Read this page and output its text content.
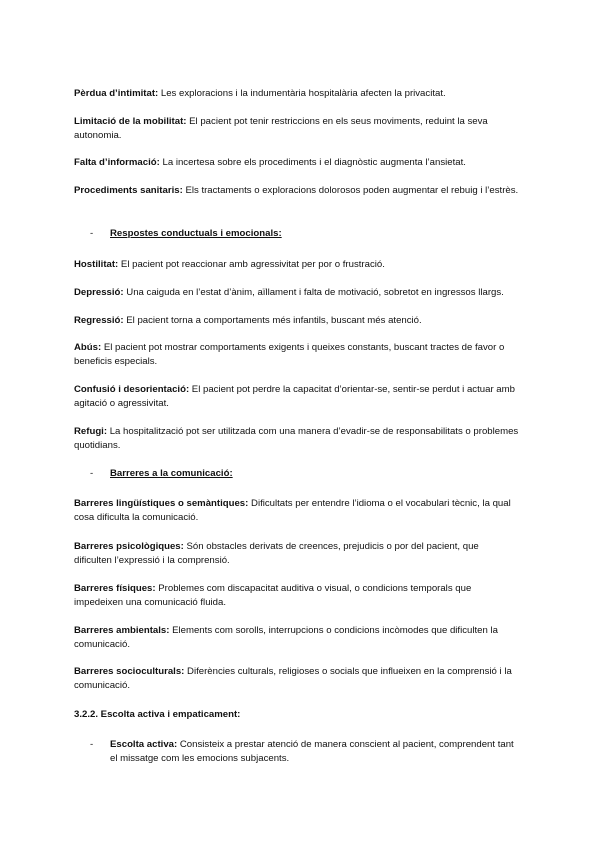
Pèrdua d’intimitat: Les exploracions i la indumentària hospitalària afecten la privacitat.

Limitació de la mobilitat: El pacient pot tenir restriccions en els seus moviments, reduint la seva autonomia.

Falta d’informació: La incertesa sobre els procediments i el diagnòstic augmenta l’ansietat.

Procediments sanitaris: Els tractaments o exploracions dolorosos poden augmentar el rebuig i l’estrès.

- Respostes conductuals i emocionals:

Hostilitat: El pacient pot reaccionar amb agressivitat per por o frustració.

Depressió: Una caiguda en l’estat d’ànim, aïllament i falta de motivació, sobretot en ingressos llargs.

Regressió: El pacient torna a comportaments més infantils, buscant més atenció.

Abús: El pacient pot mostrar comportaments exigents i queixes constants, buscant tractes de favor o beneficis especials.

Confusió i desorientació: El pacient pot perdre la capacitat d’orientar-se, sentir-se perdut i actuar amb agitació o agressivitat.

Refugi: La hospitalització pot ser utilitzada com una manera d’evadir-se de responsabilitats o problemes quotidians.

- Barreres a la comunicació:

Barreres lingüístiques o semàntiques: Dificultats per entendre l’idioma o el vocabulari tècnic, la qual cosa dificulta la comunicació.

Barreres psicològiques: Són obstacles derivats de creences, prejudicis o por del pacient, que dificulten l’expressió i la comprensió.

Barreres físiques: Problemes com discapacitat auditiva o visual, o condicions temporals que impedeixen una comunicació fluida.

Barreres ambientals: Elements com sorolls, interrupcions o condicions incòmodes que dificulten la comunicació.

Barreres socioculturals: Diferències culturals, religioses o socials que influeixen en la comprensió i la comunicació.

3.2.2. Escolta activa i empaticament:

- Escolta activa: Consisteix a prestar atenció de manera conscient al pacient, comprendent tant el missatge com les emocions subjacents.
